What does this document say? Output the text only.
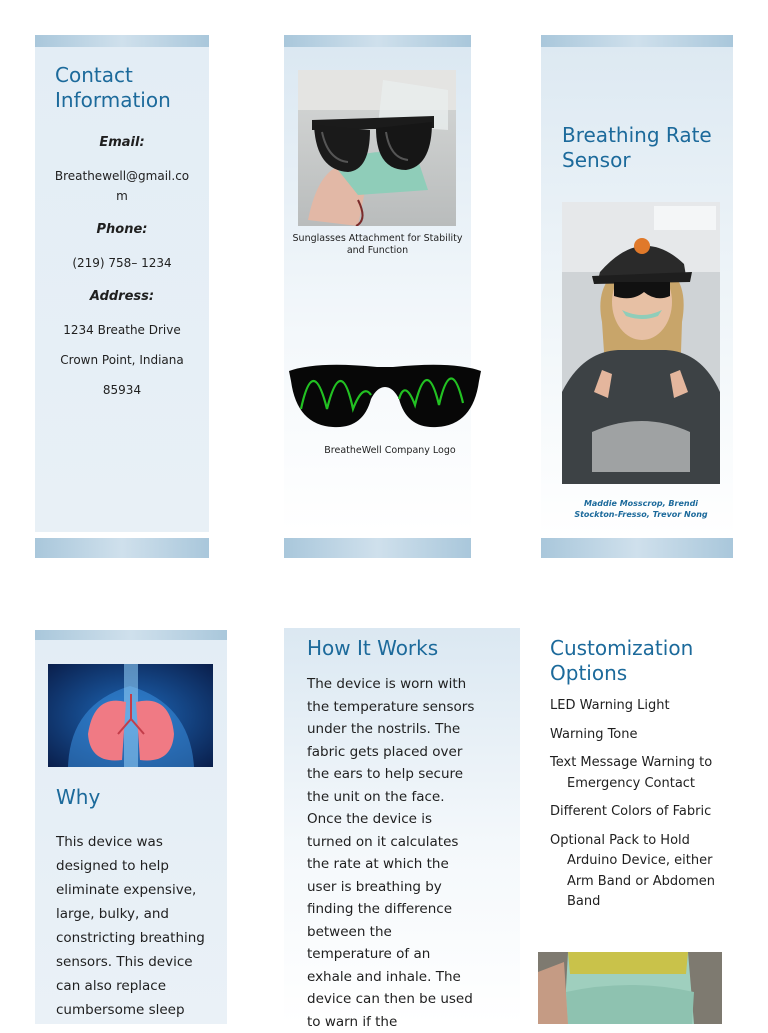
Contact Information

Email:

Breathewell@gmail.co
m

Phone:

(219) 758– 1234

Address:

1234 Breathe Drive

Crown Point, Indiana

85934

Sunglasses Attachment for Stability and Function
BreatheWell Company Logo
Breathing Rate Sensor
Maddie Mosscrop, Brendi Stockton-Fresso, Trevor Nong
Why
This device was designed to help eliminate expensive, large, bulky, and constricting breathing sensors. This device can also replace cumbersome sleep
How It Works
The device is worn with the temperature sensors under the nostrils. The fabric gets placed over the ears to help secure the unit on the face. Once the device is turned on it calculates the rate at which the user is breathing by finding the difference between the temperature of an exhale and inhale. The device can then be used to warn if the
Customization
Options
LED Warning Light
Warning Tone
Text Message Warning to Emergency Contact
Different Colors of Fabric
Optional Pack to Hold Arduino Device, either Arm Band or Abdomen Band
